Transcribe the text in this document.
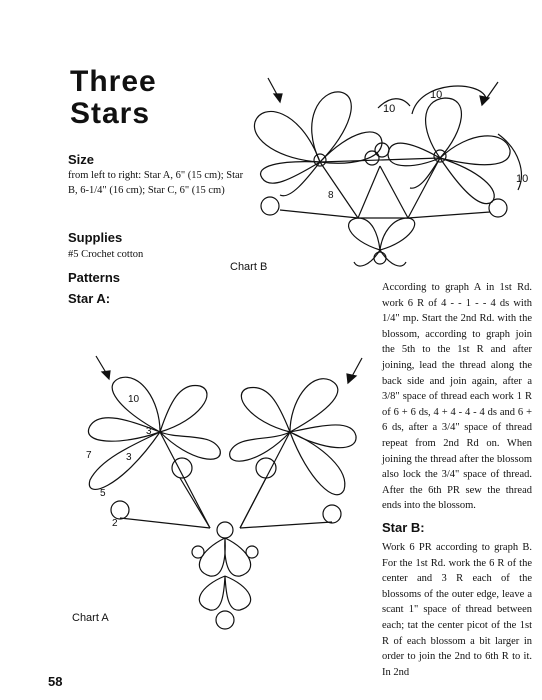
Three
Stars
Size
from left to right: Star A, 6" (15 cm); Star B, 6-1/4" (16 cm); Star C, 6" (15 cm)
Supplies
#5 Crochet cotton
Patterns
Star A:
10
10
10
8
Chart B
10
7
3
3
5
2
Chart A
According to graph A in 1st Rd. work 6 R of 4 - - 1 - - 4 ds with 1/4" mp. Start the 2nd Rd. with the blossom, according to graph join the 5th to the 1st R and after joining, lead the thread along the back side and join again, after a 3/8" space of thread each work 1 R of 6 + 6 ds, 4 + 4 - 4 - 4 ds and 6 + 6 ds, after a 3/4" space of thread repeat from 2nd Rd on. When joining the thread after the blossom also lock the 3/4" space of thread. After the 6th PR sew the thread ends into the blossom.
Star B:
Work 6 PR according to graph B. For the 1st Rd. work the 6 R of the center and 3 R each of the blossoms of the outer edge, leave a scant 1" space of thread between each; tat the center picot of the 1st R of each blossom a bit larger in order to join the 2nd to 6th R to it. In 2nd
58
